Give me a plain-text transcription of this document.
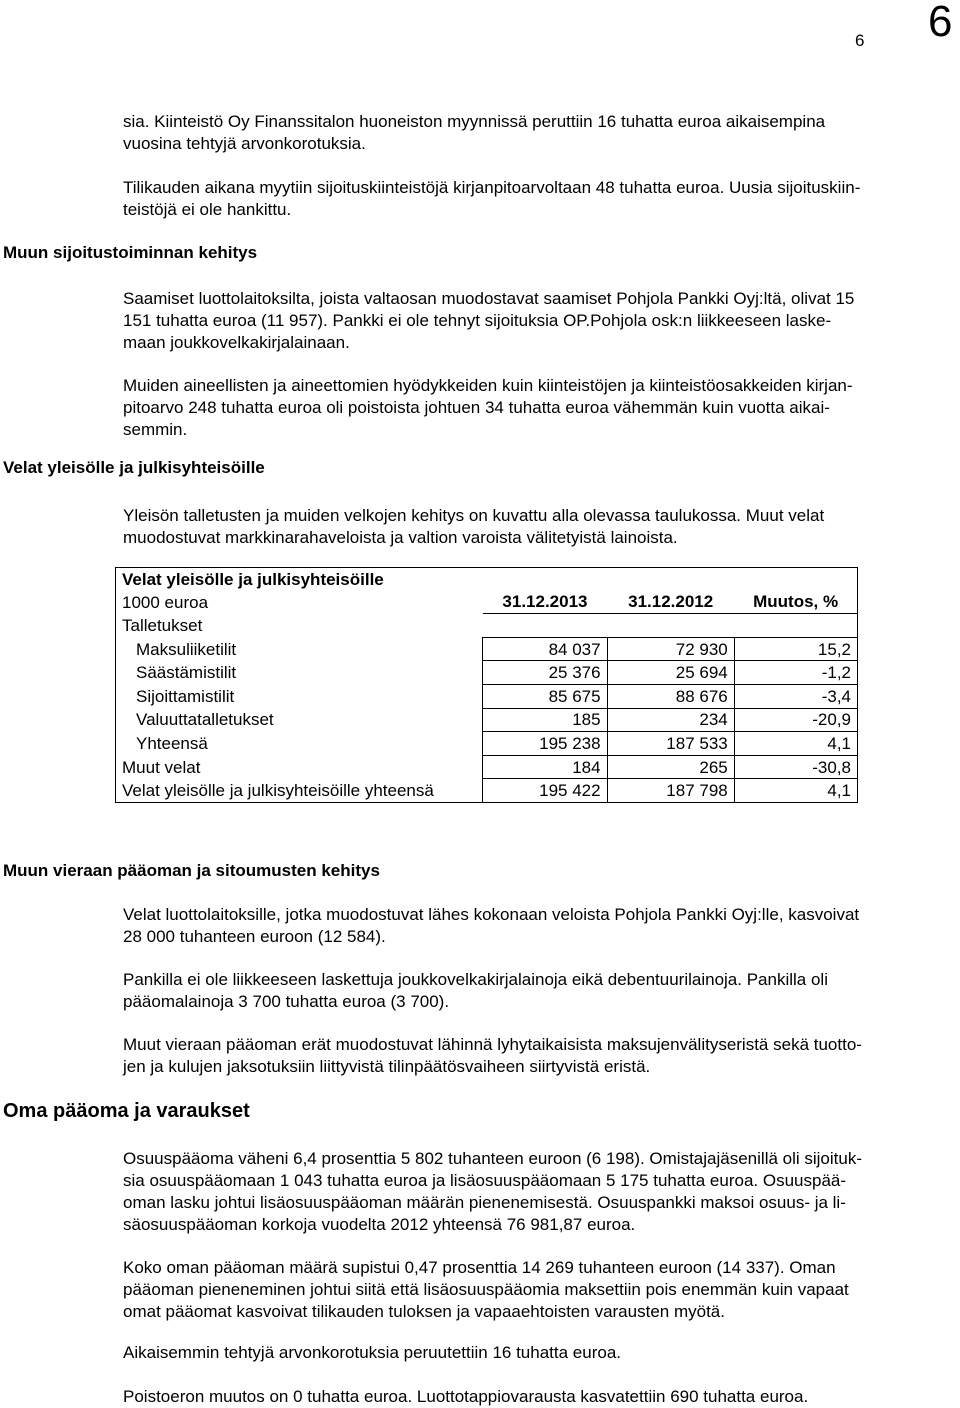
6
6
sia. Kiinteistö Oy Finanssitalon huoneiston myynnissä peruttiin 16 tuhatta euroa aikaisempina
vuosina tehtyjä arvonkorotuksia.
Tilikauden aikana myytiin sijoituskiinteistöjä kirjanpitoarvoltaan 48 tuhatta euroa. Uusia sijoituskiin-
teistöjä ei ole hankittu.
Muun sijoitustoiminnan kehitys
Saamiset luottolaitoksilta, joista valtaosan muodostavat saamiset Pohjola Pankki Oyj:ltä, olivat 15
151 tuhatta euroa (11 957). Pankki ei ole tehnyt sijoituksia OP.Pohjola osk:n liikkeeseen laske-
maan joukkovelkakirjalainaan.
Muiden aineellisten ja aineettomien hyödykkeiden kuin kiinteistöjen ja kiinteistöosakkeiden kirjan-
pitoarvo 248 tuhatta euroa oli poistoista johtuen 34 tuhatta euroa vähemmän kuin vuotta aikai-
semmin.
Velat yleisölle ja julkisyhteisöille
Yleisön talletusten ja muiden velkojen kehitys on kuvattu alla olevassa taulukossa. Muut velat
muodostuvat markkinarahaveloista ja valtion varoista välitetyistä lainoista.
Velat yleisölle ja julkisyhteisöille			
1000 euroa	31.12.2013	31.12.2012	Muutos, %
Talletukset			
Maksuliiketilit	84 037	72 930	15,2
Säästämistilit	25 376	25 694	-1,2
Sijoittamistilit	85 675	88 676	-3,4
Valuuttatalletukset	185	234	-20,9
Yhteensä	195 238	187 533	4,1
Muut velat	184	265	-30,8
Velat yleisölle ja julkisyhteisöille yhteensä	195 422	187 798	4,1
Muun vieraan pääoman ja sitoumusten kehitys
Velat luottolaitoksille, jotka muodostuvat lähes kokonaan veloista Pohjola Pankki Oyj:lle, kasvoivat
28 000 tuhanteen euroon (12 584).
Pankilla ei ole liikkeeseen laskettuja joukkovelkakirjalainoja eikä debentuurilainoja. Pankilla oli
pääomalainoja 3 700 tuhatta euroa (3 700).
Muut vieraan pääoman erät muodostuvat lähinnä lyhytaikaisista maksujenvälityseristä sekä tuotto-
jen ja kulujen jaksotuksiin liittyvistä tilinpäätösvaiheen siirtyvistä eristä.
Oma pääoma ja varaukset
Osuuspääoma väheni 6,4 prosenttia 5 802 tuhanteen euroon (6 198). Omistajajäsenillä oli sijoituk-
sia osuuspääomaan 1 043 tuhatta euroa ja lisäosuuspääomaan 5 175 tuhatta euroa. Osuuspää-
oman lasku johtui lisäosuuspääoman määrän pienenemisestä. Osuuspankki maksoi osuus- ja li-
säosuuspääoman korkoja vuodelta 2012 yhteensä 76 981,87 euroa.
Koko oman pääoman määrä supistui 0,47 prosenttia 14 269 tuhanteen euroon (14 337). Oman
pääoman pieneneminen johtui siitä että lisäosuuspääomia maksettiin pois enemmän kuin vapaat
omat pääomat kasvoivat tilikauden tuloksen ja vapaaehtoisten varausten myötä.
Aikaisemmin tehtyjä arvonkorotuksia peruutettiin 16 tuhatta euroa.
Poistoeron muutos on 0 tuhatta euroa. Luottotappiovarausta kasvatettiin 690 tuhatta euroa.
